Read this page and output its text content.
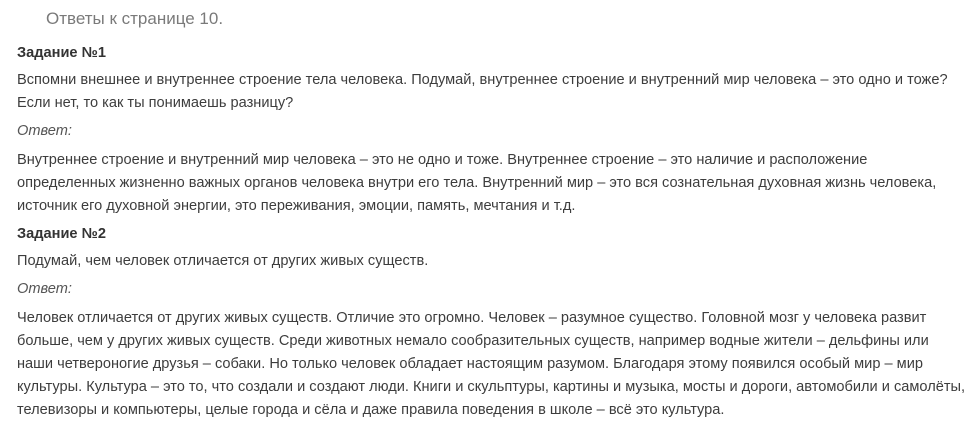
Ответы к странице 10.
Задание №1

Вспомни внешнее и внутреннее строение тела человека. Подумай, внутреннее строение и внутренний мир человека – это одно и тоже? Если нет, то как ты понимаешь разницу?

Ответ:

Внутреннее строение и внутренний мир человека – это не одно и тоже. Внутреннее строение – это наличие и расположение определенных жизненно важных органов человека внутри его тела. Внутренний мир – это вся сознательная духовная жизнь человека, источник его духовной энергии, это переживания, эмоции, память, мечтания и т.д.

Задание №2

Подумай, чем человек отличается от других живых существ.

Ответ:

Человек отличается от других живых существ. Отличие это огромно. Человек – разумное существо. Головной мозг у человека развит больше, чем у других живых существ. Среди животных немало сообразительных существ, например водные жители – дельфины или наши четвероногие друзья – собаки. Но только человек обладает настоящим разумом. Благодаря этому появился особый мир – мир культуры. Культура – это то, что создали и создают люди. Книги и скульптуры, картины и музыка, мосты и дороги, автомобили и самолёты, телевизоры и компьютеры, целые города и сёла и даже правила поведения в школе – всё это культура.
